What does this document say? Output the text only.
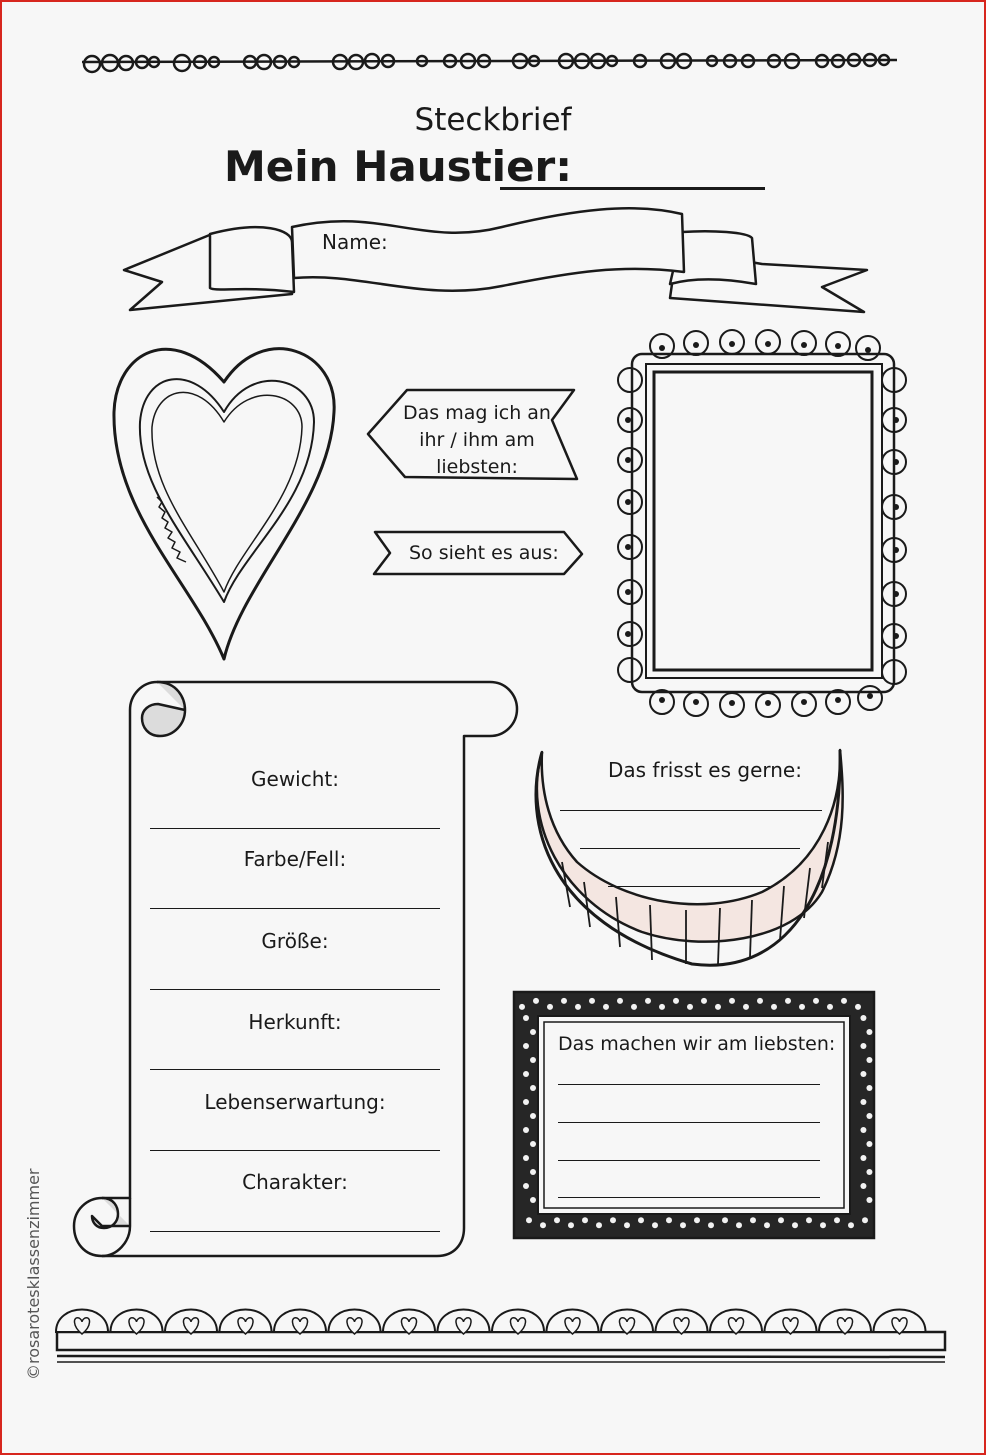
Steckbrief
Mein Haustier:
Name:
Das mag ich an
ihr / ihm am
liebsten:
So sieht es aus:
Gewicht:
Farbe/Fell:
Größe:
Herkunft:
Lebenserwartung:
Charakter:
Das frisst es gerne:
Das machen wir am liebsten:
©rosaroteskIassenzimmer
